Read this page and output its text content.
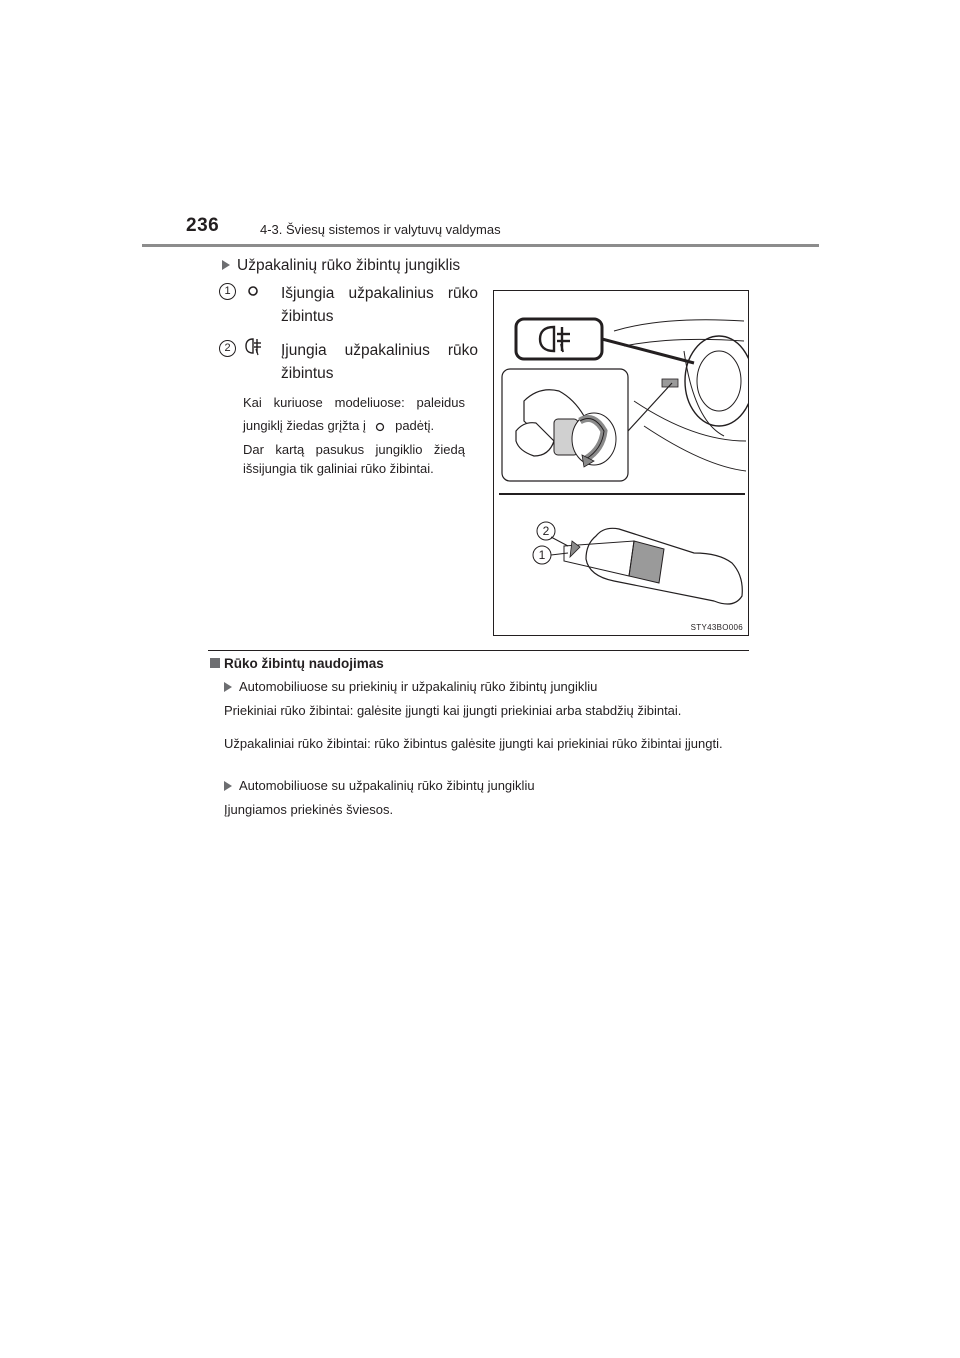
236	4-3. Šviesų sistemos ir valytuvų valdymas
Užpakalinių rūko žibintų jungiklis
1	Išjungia užpakalinius rūko žibintus
2	Įjungia užpakalinius rūko žibintus
Kai kuriuose modeliuose: paleidus jungiklį žiedas grįžta į padėtį.
Dar kartą pasukus jungiklio žiedą išsijungia tik galiniai rūko žibintai.
2
1
STY43BO006
Rūko žibintų naudojimas
Automobiliuose su priekinių ir užpakalinių rūko žibintų jungikliu
Priekiniai rūko žibintai: galėsite įjungti kai įjungti priekiniai arba stabdžių žibintai.
Užpakaliniai rūko žibintai: rūko žibintus galėsite įjungti kai priekiniai rūko žibintai įjungti.
Automobiliuose su užpakalinių rūko žibintų jungikliu
Įjungiamos priekinės šviesos.
